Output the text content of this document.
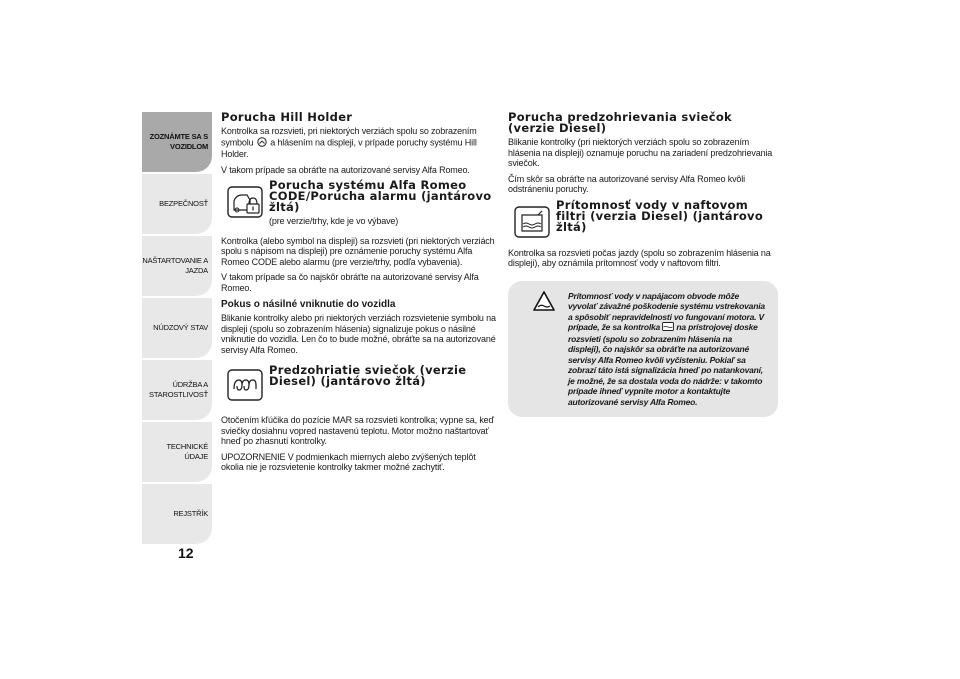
ZOZNÁMTE SA S VOZIDLOM
BEZPEČNOSŤ
NAŠTARTOVANIE A JAZDA
NÚDZOVÝ STAV
ÚDRŽBA A STAROSTLIVOSŤ
TECHNICKÉ ÚDAJE
REJSTŘÍK
12
Porucha Hill Holder

Kontrolka sa rozsvieti, pri niektorých verziách spolu so zobrazením symbolu a hlásením na displeji, v prípade poruchy systému Hill Holder.

V takom prípade sa obráťte na autorizované servisy Alfa Romeo.

Porucha systému Alfa Romeo CODE/Porucha alarmu (jantárovo žltá)

(pre verzie/trhy, kde je vo výbave)

Kontrolka (alebo symbol na displeji) sa rozsvieti (pri niektorých verziách spolu s nápisom na displeji) pre oznámenie poruchy systému Alfa Romeo CODE alebo alarmu (pre verzie/trhy, podľa vybavenia).

V takom prípade sa čo najskôr obráťte na autorizované servisy Alfa Romeo.

Pokus o násilné vniknutie do vozidla

Blikanie kontrolky alebo pri niektorých verziách rozsvietenie symbolu na displeji (spolu so zobrazením hlásenia) signalizuje pokus o násilné vniknutie do vozidla. Len čo to bude možné, obráťte sa na autorizované servisy Alfa Romeo.

Predzohriatie sviečok (verzie Diesel) (jantárovo žltá)

Otočením kľúčika do pozície MAR sa rozsvieti kontrolka; vypne sa, keď sviečky dosiahnu vopred nastavenú teplotu. Motor možno naštartovať hneď po zhasnutí kontrolky.

UPOZORNENIE V podmienkach miernych alebo zvýšených teplôt okolia nie je rozsvietenie kontrolky takmer možné zachytiť.

Porucha predzohrievania sviečok (verzie Diesel)

Blikanie kontrolky (pri niektorých verziách spolu so zobrazením hlásenia na displeji) oznamuje poruchu na zariadení predzohrievania sviečok.

Čím skôr sa obráťte na autorizované servisy Alfa Romeo kvôli odstráneniu poruchy.

Prítomnosť vody v naftovom filtri (verzia Diesel) (jantárovo žltá)

Kontrolka sa rozsvieti počas jazdy (spolu so zobrazením hlásenia na displeji), aby oznámila prítomnosť vody v naftovom filtri.

Prítomnosť vody v napájacom obvode môže vyvolať závažné poškodenie systému vstrekovania a spôsobiť nepravidelnosti vo fungovaní motora. V prípade, že sa kontrolka na prístrojovej doske rozsvieti (spolu so zobrazením hlásenia na displeji), čo najskôr sa obráťte na autorizované servisy Alfa Romeo kvôli vyčisteniu. Pokiaľ sa zobrazí táto istá signalizácia hneď po natankovaní, je možné, že sa dostala voda do nádrže: v takomto prípade ihneď vypnite motor a kontaktujte autorizované servisy Alfa Romeo.
